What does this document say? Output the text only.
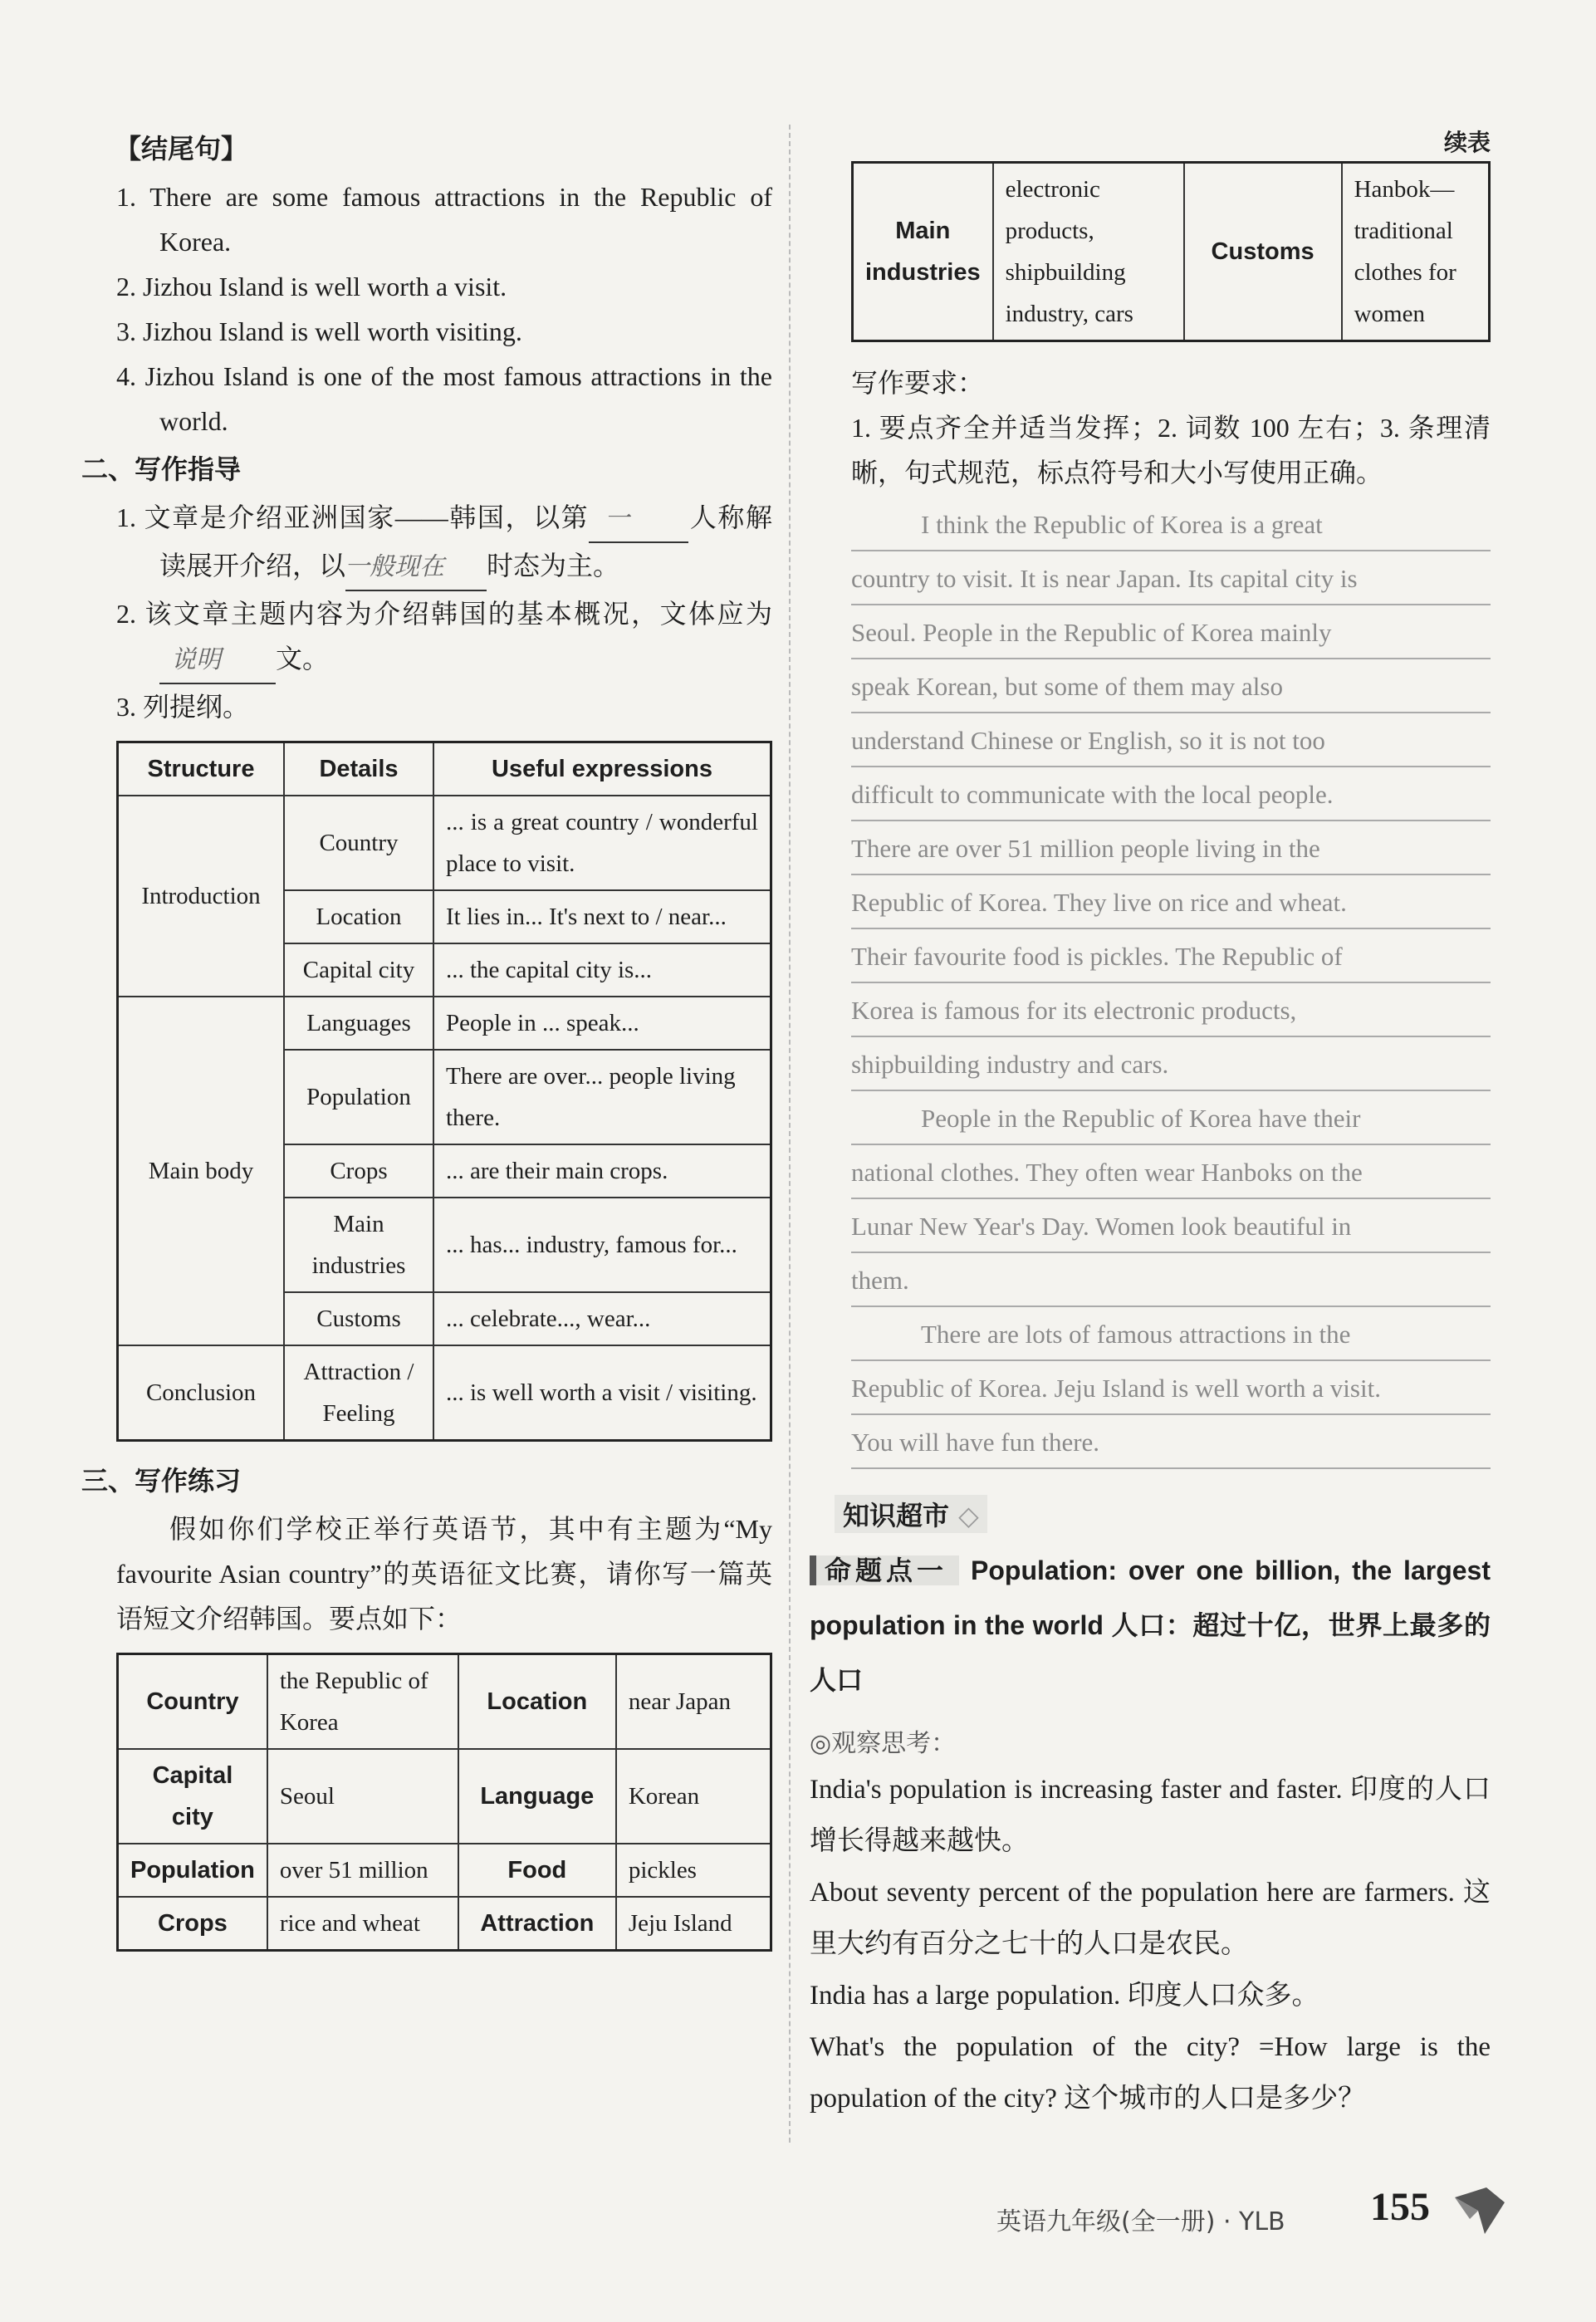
【结尾句】

1. There are some famous attractions in the Republic of Korea.

2. Jizhou Island is well worth a visit.

3. Jizhou Island is well worth visiting.

4. Jizhou Island is one of the most famous attractions in the world.

二、写作指导

1. 文章是介绍亚洲国家——韩国，以第 一 人称解读展开介绍，以一般现在 时态为主。

2. 该文章主题内容为介绍韩国的基本概况，文体应为说明 文。

3. 列提纲。

Structure	Details	Useful expressions
Introduction	Country	... is a great country / wonderful place to visit.
	Location	It lies in... It's next to / near...
	Capital city	... the capital city is...
Main body	Languages	People in ... speak...
	Population	There are over... people living there.
	Crops	... are their main crops.
	Main industries	... has... industry, famous for...
	Customs	... celebrate..., wear...
Conclusion	Attraction / Feeling	... is well worth a visit / visiting.
三、写作练习

假如你们学校正举行英语节，其中有主题为“My favourite Asian country”的英语征文比赛，请你写一篇英语短文介绍韩国。要点如下：

Country	the Republic of Korea	Location	near Japan
Capital city	Seoul	Language	Korean
Population	over 51 million	Food	pickles
Crops	rice and wheat	Attraction	Jeju Island
续表
Main industries	electronic products, shipbuilding industry, cars	Customs	Hanbok—traditional clothes for women

写作要求：

1. 要点齐全并适当发挥；2. 词数 100 左右；3. 条理清晰，句式规范，标点符号和大小写使用正确。

I think the Republic of Korea is a great

country to visit. It is near Japan. Its capital city is

Seoul. People in the Republic of Korea mainly

speak Korean, but some of them may also

understand Chinese or English, so it is not too

difficult to communicate with the local people.

There are over 51 million people living in the

Republic of Korea. They live on rice and wheat.

Their favourite food is pickles. The Republic of

Korea is famous for its electronic products,

shipbuilding industry and cars.

People in the Republic of Korea have their

national clothes. They often wear Hanboks on the

Lunar New Year's Day. Women look beautiful in

them.

There are lots of famous attractions in the

Republic of Korea. Jeju Island is well worth a visit.

You will have fun there.

知识超市 ◇

命题点一 Population: over one billion, the largest population in the world 人口：超过十亿，世界上最多的人口

◎观察思考：

India's population is increasing faster and faster. 印度的人口增长得越来越快。

About seventy percent of the population here are farmers. 这里大约有百分之七十的人口是农民。

India has a large population. 印度人口众多。

What's the population of the city? =How large is the population of the city? 这个城市的人口是多少？

英语九年级(全一册) · YLB 155
